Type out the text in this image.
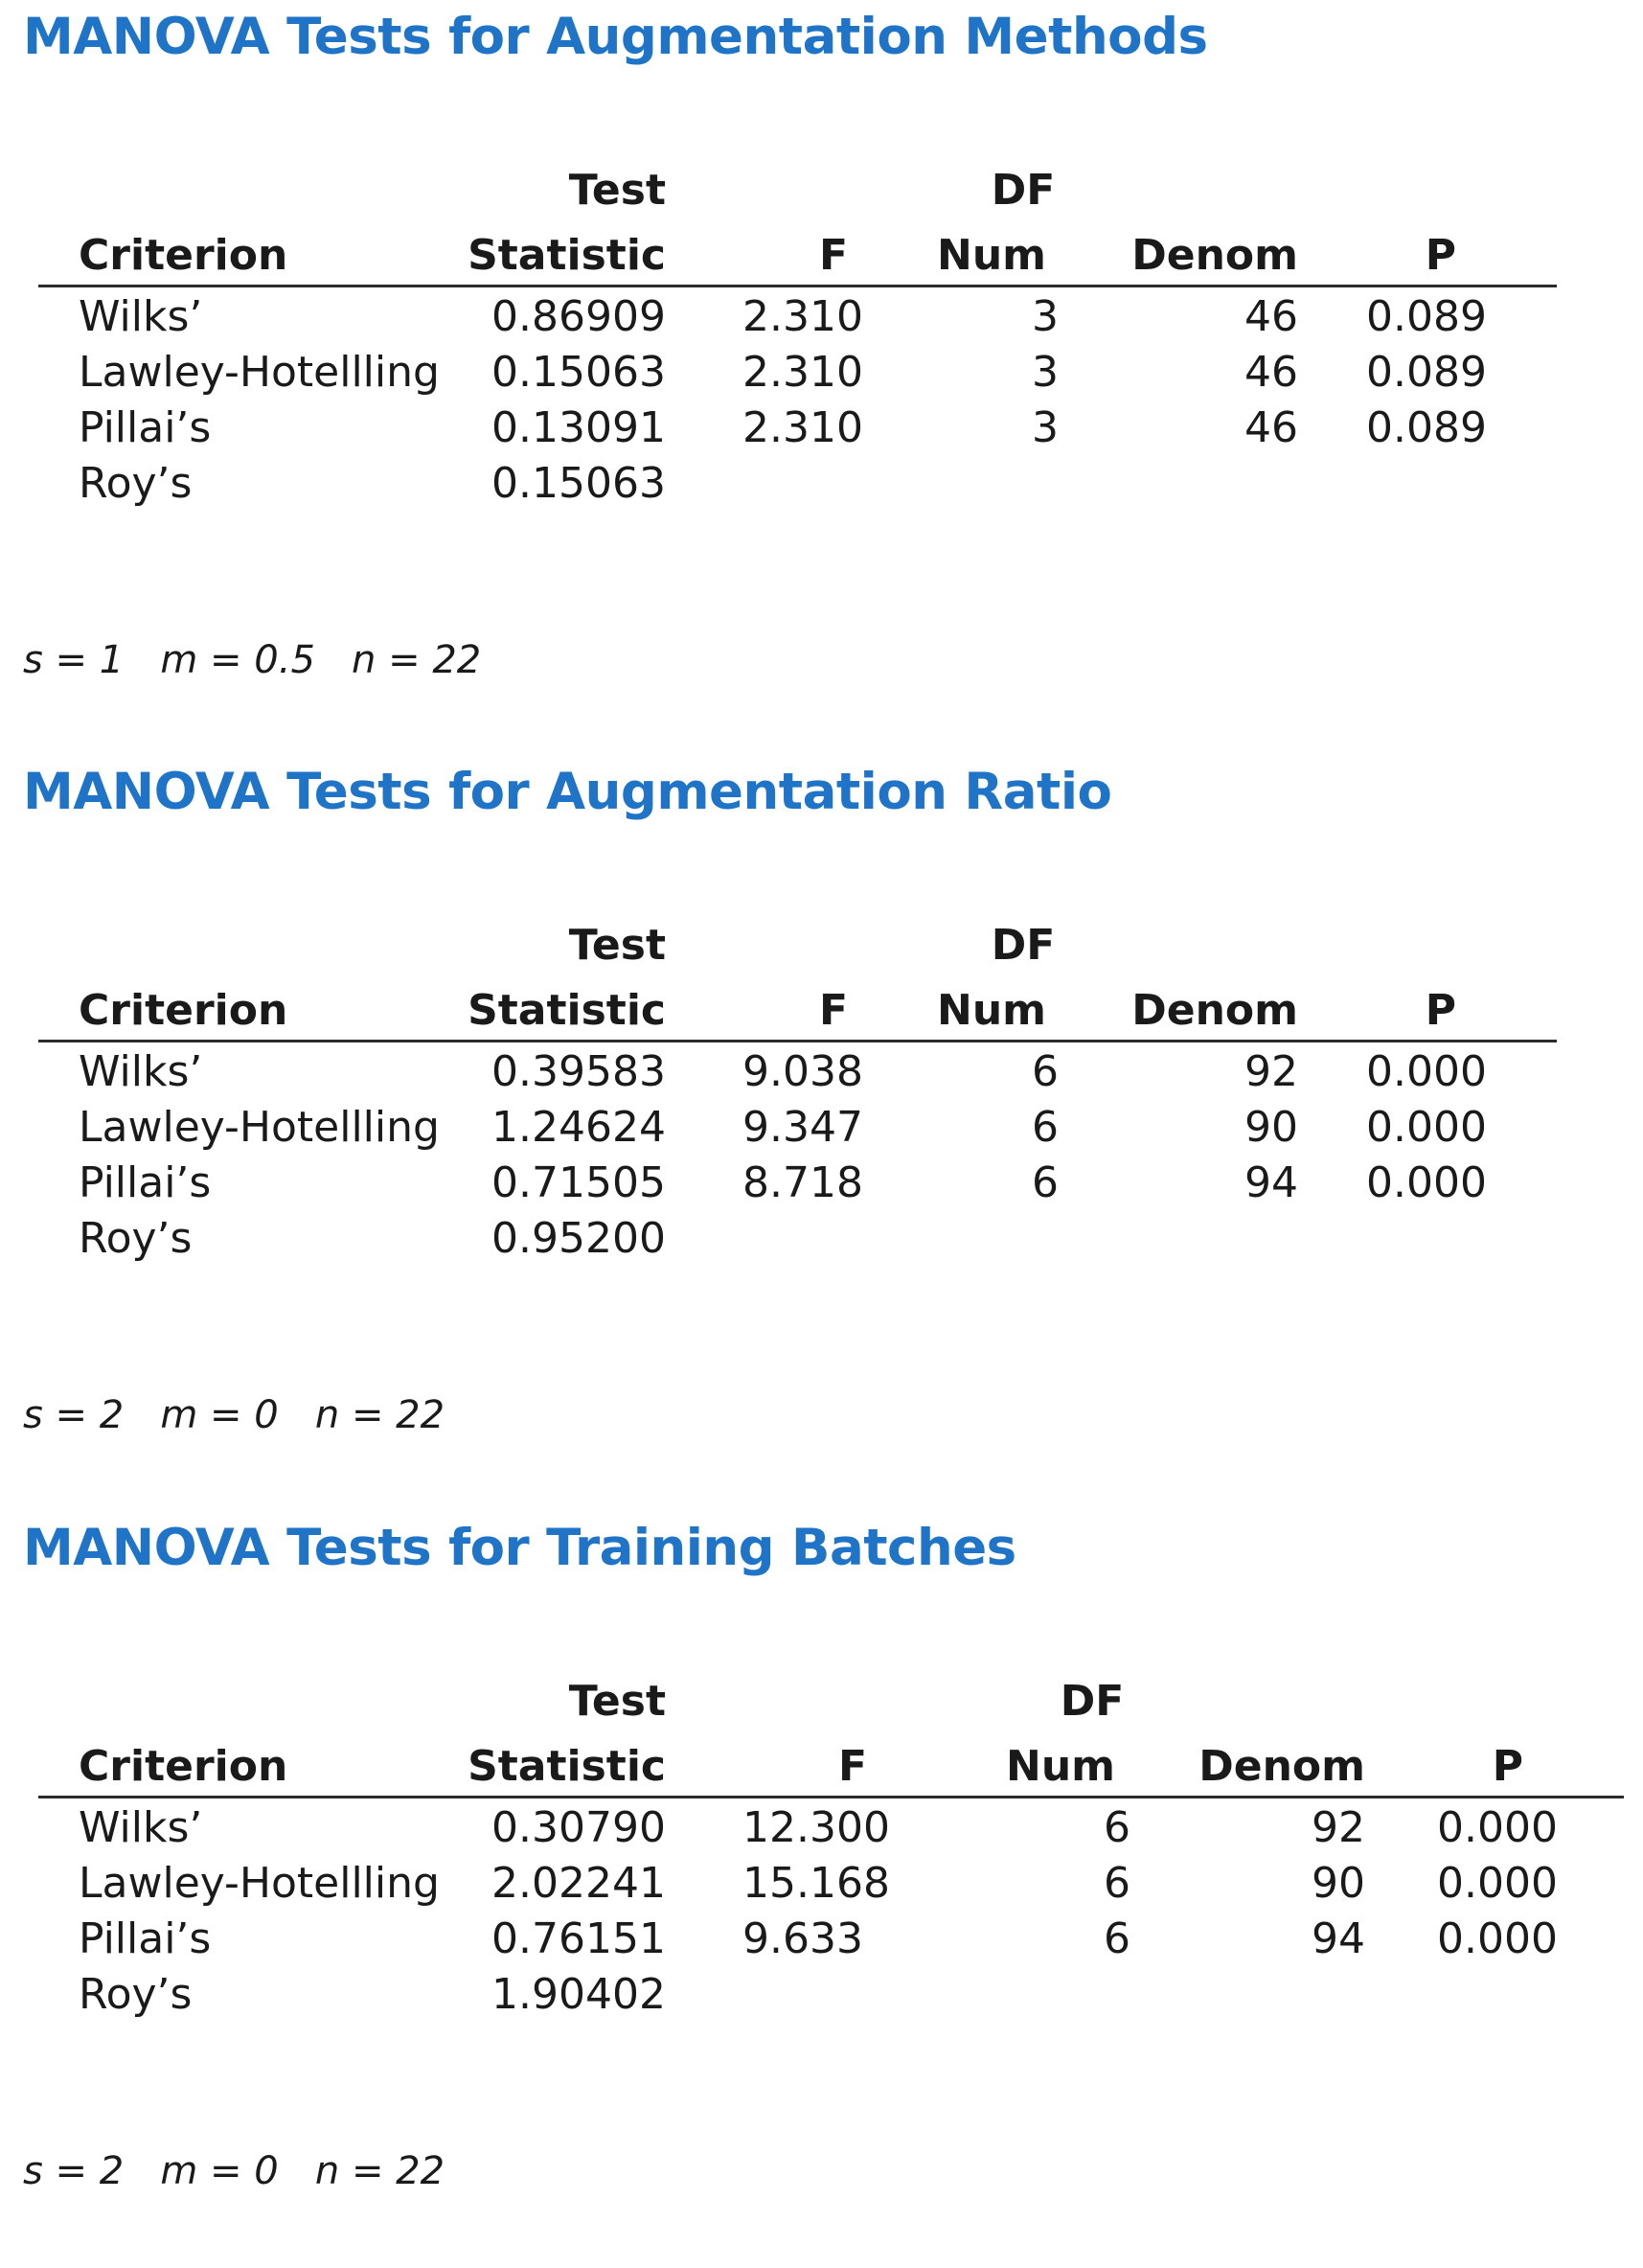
MANOVA Tests for Augmentation Methods
Criterion
Wilks’
Lawley-Hotellling
Pillai’s
Roy’s
Test
Statistic
0.86909
0.15063
0.13091
0.15063
F
2.310
2.310
2.310
DF
Num
3
3
3
Denom
46
46
46
P
0.089
0.089
0.089
s = 1   m = 0.5   n = 22
MANOVA Tests for Augmentation Ratio
Criterion
Wilks’
Lawley-Hotellling
Pillai’s
Roy’s
Test
Statistic
0.39583
1.24624
0.71505
0.95200
F
9.038
9.347
8.718
DF
Num
6
6
6
Denom
92
90
94
P
0.000
0.000
0.000
s = 2   m = 0   n = 22
MANOVA Tests for Training Batches
Criterion
Wilks’
Lawley-Hotellling
Pillai’s
Roy’s
Test
Statistic
0.30790
2.02241
0.76151
1.90402
F
12.300
15.168
9.633
DF
Num
6
6
6
Denom
92
90
94
P
0.000
0.000
0.000
s = 2   m = 0   n = 22
